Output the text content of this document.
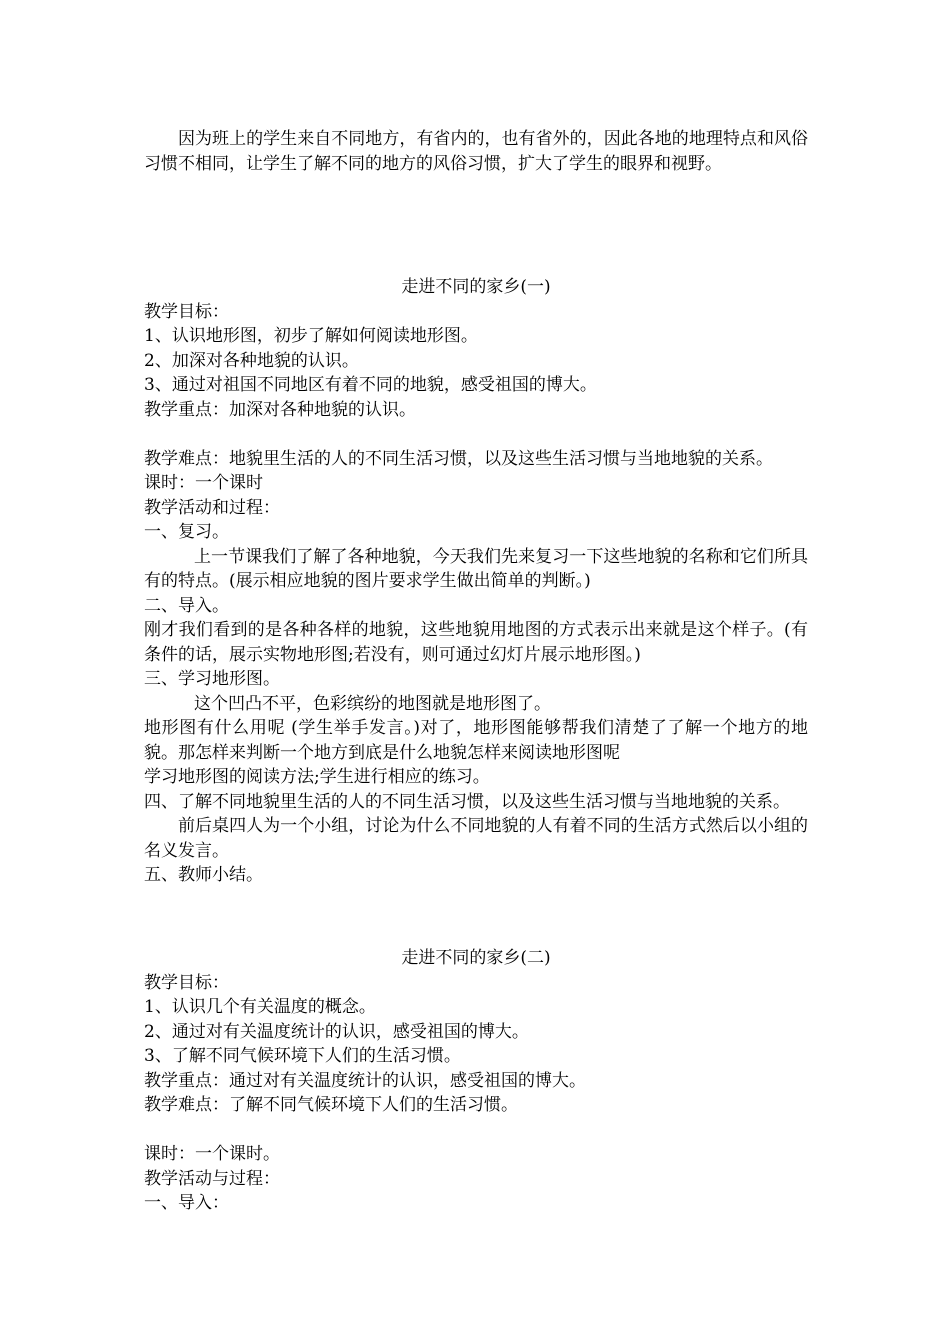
因为班上的学生来自不同地方，有省内的，也有省外的，因此各地的地理特点和风俗习惯不相同，让学生了解不同的地方的风俗习惯，扩大了学生的眼界和视野。

走进不同的家乡(一)
教学目标：
1、认识地形图，初步了解如何阅读地形图。
2、加深对各种地貌的认识。
3、通过对祖国不同地区有着不同的地貌，感受祖国的博大。
教学重点：加深对各种地貌的认识。
教学难点：地貌里生活的人的不同生活习惯，以及这些生活习惯与当地地貌的关系。
课时：一个课时
教学活动和过程：
一、复习。
上一节课我们了解了各种地貌，今天我们先来复习一下这些地貌的名称和它们所具有的特点。(展示相应地貌的图片要求学生做出简单的判断。)
二、导入。
刚才我们看到的是各种各样的地貌，这些地貌用地图的方式表示出来就是这个样子。(有条件的话，展示实物地形图;若没有，则可通过幻灯片展示地形图。)
三、学习地形图。
这个凹凸不平，色彩缤纷的地图就是地形图了。
地形图有什么用呢 (学生举手发言。)对了，地形图能够帮我们清楚了了解一个地方的地貌。那怎样来判断一个地方到底是什么地貌怎样来阅读地形图呢
学习地形图的阅读方法;学生进行相应的练习。
四、了解不同地貌里生活的人的不同生活习惯，以及这些生活习惯与当地地貌的关系。
前后桌四人为一个小组，讨论为什么不同地貌的人有着不同的生活方式然后以小组的名义发言。
五、教师小结。
走进不同的家乡(二)
教学目标：
1、认识几个有关温度的概念。
2、通过对有关温度统计的认识，感受祖国的博大。
3、了解不同气候环境下人们的生活习惯。
教学重点：通过对有关温度统计的认识，感受祖国的博大。
教学难点：了解不同气候环境下人们的生活习惯。
课时：一个课时。
教学活动与过程：
一、导入：
